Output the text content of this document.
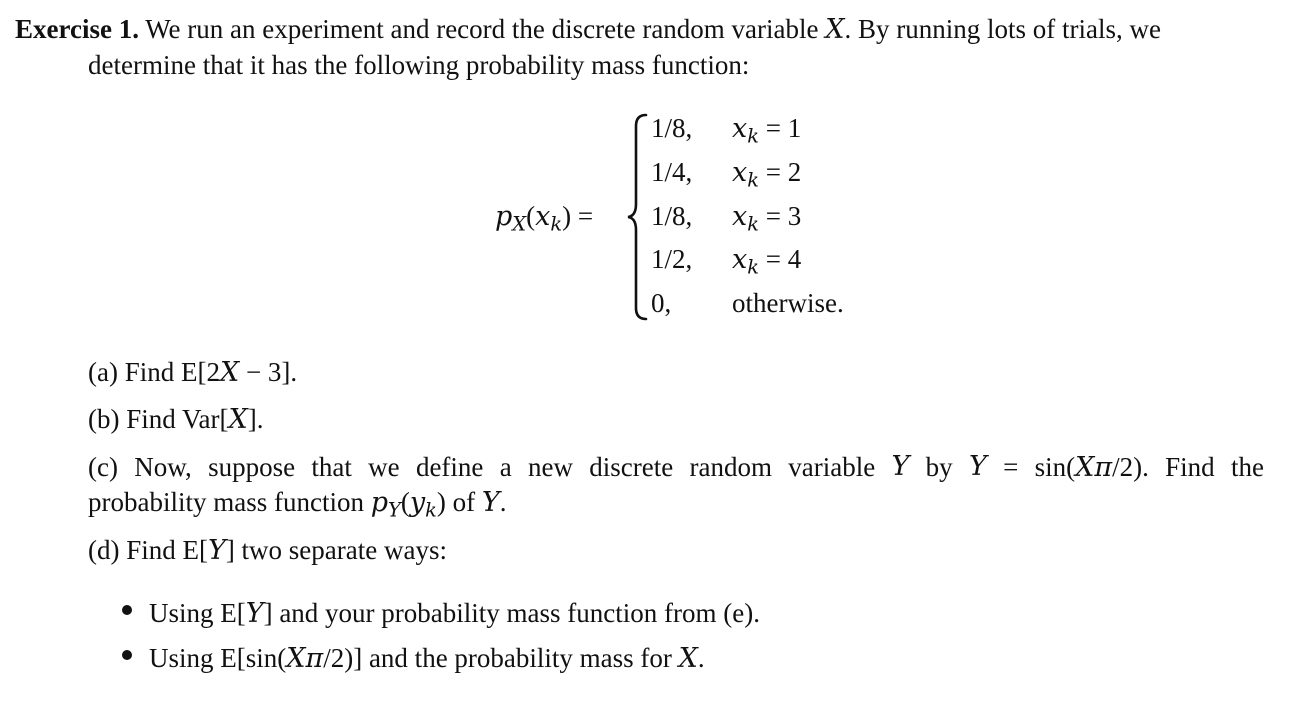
Exercise 1. We run an experiment and record the discrete random variable X. By running lots of trials, we
determine that it has the following probability mass function:
$p_X(x_k)$ =
1/8, $x_k = 1$
1/4, $x_k = 2$
1/8, $x_k = 3$
1/2, $x_k = 4$
0, otherwise.
(a) Find E[2X − 3].
(b) Find Var[X].
(c) Now, suppose that we define a new discrete random variable Y by Y = sin(Xπ/2). Find the
probability mass function $p_Y(y_k)$ of Y.
(d) Find E[Y] two separate ways:
Using E[Y] and your probability mass function from (e).
Using E[sin(Xπ/2)] and the probability mass for X.
